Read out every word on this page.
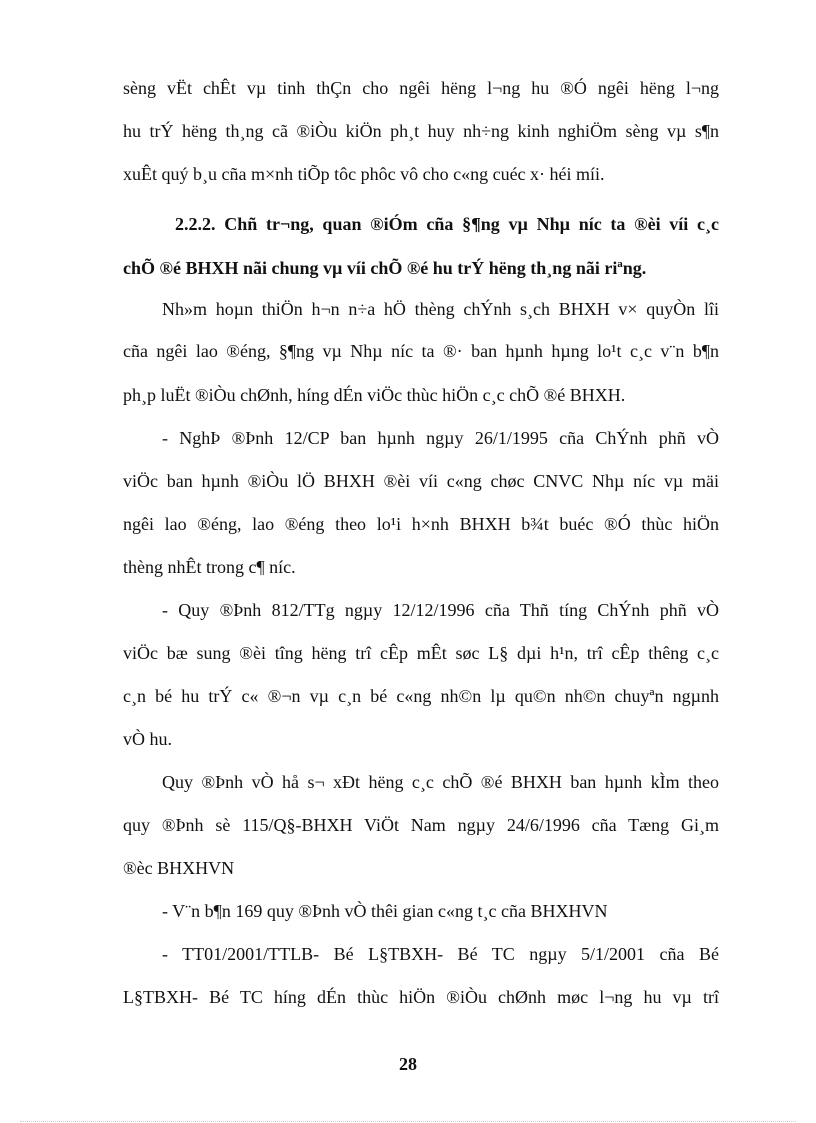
sèng vËt chÊt vµ tinh thÇn cho ngêi hëng l¬ng hu ®Ó ngêi hëng l¬ng
hu trÝ hëng th¸ng cã ®iÒu kiÖn ph¸t huy nh÷ng kinh nghiÖm sèng vµ s¶n
xuÊt quý b¸u cña m×nh tiÕp tôc phôc vô cho c«ng cuéc x· héi míi.
2.2.2. Chñ tr¬ng, quan ®iÓm cña §¶ng vµ Nhµ níc ta ®èi víi c¸c
chÕ ®é BHXH nãi chung vµ víi chÕ ®é hu trÝ hëng th¸ng nãi riªng.
Nh»m hoµn thiÖn h¬n n÷a hÖ thèng chÝnh s¸ch BHXH v× quyÒn lîi
cña ngêi lao ®éng, §¶ng vµ Nhµ níc ta ®· ban hµnh hµng lo¹t c¸c v¨n b¶n
ph¸p luËt ®iÒu chØnh, híng dÉn viÖc thùc hiÖn c¸c chÕ ®é BHXH.
- NghÞ ®Þnh 12/CP ban hµnh ngµy 26/1/1995 cña ChÝnh phñ vÒ
viÖc ban hµnh ®iÒu lÖ BHXH ®èi víi c«ng chøc CNVC Nhµ níc vµ mäi
ngêi lao ®éng, lao ®éng theo lo¹i h×nh BHXH b¾t buéc ®Ó thùc hiÖn
thèng nhÊt trong c¶ níc.
- Quy ®Þnh 812/TTg ngµy 12/12/1996 cña Thñ tíng ChÝnh phñ vÒ
viÖc bæ sung ®èi tîng hëng trî cÊp mÊt søc L§ dµi h¹n, trî cÊp thêng c¸c
c¸n bé hu trÝ c« ®¬n vµ c¸n bé c«ng nh©n lµ qu©n nh©n chuyªn ngµnh
vÒ hu.
Quy ®Þnh vÒ hå s¬ xÐt hëng c¸c chÕ ®é BHXH ban hµnh kÌm theo
quy ®Þnh sè 115/Q§-BHXH ViÖt Nam ngµy 24/6/1996 cña Tæng Gi¸m
®èc BHXHVN
- V¨n b¶n 169 quy ®Þnh vÒ thêi gian c«ng t¸c cña BHXHVN
- TT01/2001/TTLB- Bé L§TBXH- Bé TC ngµy 5/1/2001 cña Bé
L§TBXH- Bé TC híng dÉn thùc hiÖn ®iÒu chØnh møc l¬ng hu vµ trî
28
